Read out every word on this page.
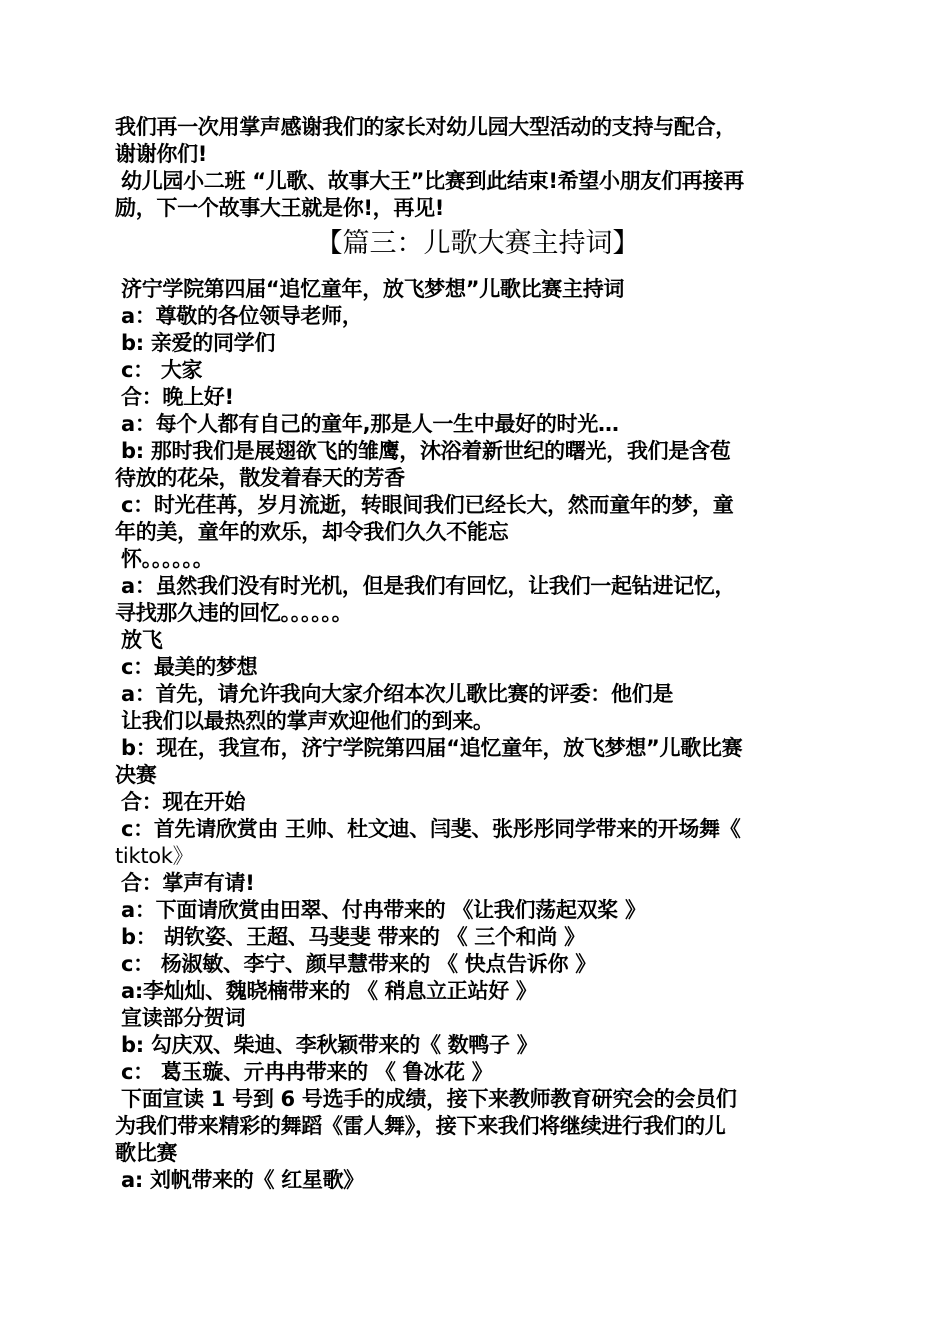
我们再一次用掌声感谢我们的家长对幼儿园大型活动的支持与配合，
谢谢你们!
幼儿园小二班 “儿歌、故事大王”比赛到此结束!希望小朋友们再接再
励，下一个故事大王就是你!，再见!
【篇三：儿歌大赛主持词】
济宁学院第四届“追忆童年，放飞梦想”儿歌比赛主持词
a：尊敬的各位领导老师，
b: 亲爱的同学们
c： 大家
合：晚上好!
a：每个人都有自己的童年,那是人一生中最好的时光…
b: 那时我们是展翅欲飞的雏鹰，沐浴着新世纪的曙光，我们是含苞
待放的花朵，散发着春天的芳香
c：时光荏苒，岁月流逝，转眼间我们已经长大，然而童年的梦，童
年的美，童年的欢乐，却令我们久久不能忘
怀。。。。。。
a：虽然我们没有时光机，但是我们有回忆，让我们一起钻进记忆，
寻找那久违的回忆。。。。。。
放飞
c：最美的梦想
a：首先，请允许我向大家介绍本次儿歌比赛的评委：他们是
让我们以最热烈的掌声欢迎他们的到来。
b：现在，我宣布，济宁学院第四届“追忆童年，放飞梦想”儿歌比赛
决赛
合：现在开始
c：首先请欣赏由 王帅、杜文迪、闫斐、张彤彤同学带来的开场舞《
tiktok》
合：掌声有请!
a：下面请欣赏由田翠、付冉带来的 《让我们荡起双桨 》
b： 胡钦姿、王超、马斐斐 带来的 《 三个和尚 》
c： 杨淑敏、李宁、颜早慧带来的 《 快点告诉你 》
a:李灿灿、魏晓楠带来的 《 稍息立正站好 》
宣读部分贺词
b: 勾庆双、柴迪、李秋颖带来的《 数鸭子 》
c： 葛玉璇、亓冉冉带来的 《 鲁冰花 》
下面宣读 1 号到 6 号选手的成绩，接下来教师教育研究会的会员们
为我们带来精彩的舞蹈《雷人舞》，接下来我们将继续进行我们的儿
歌比赛
a: 刘帆带来的《 红星歌》
